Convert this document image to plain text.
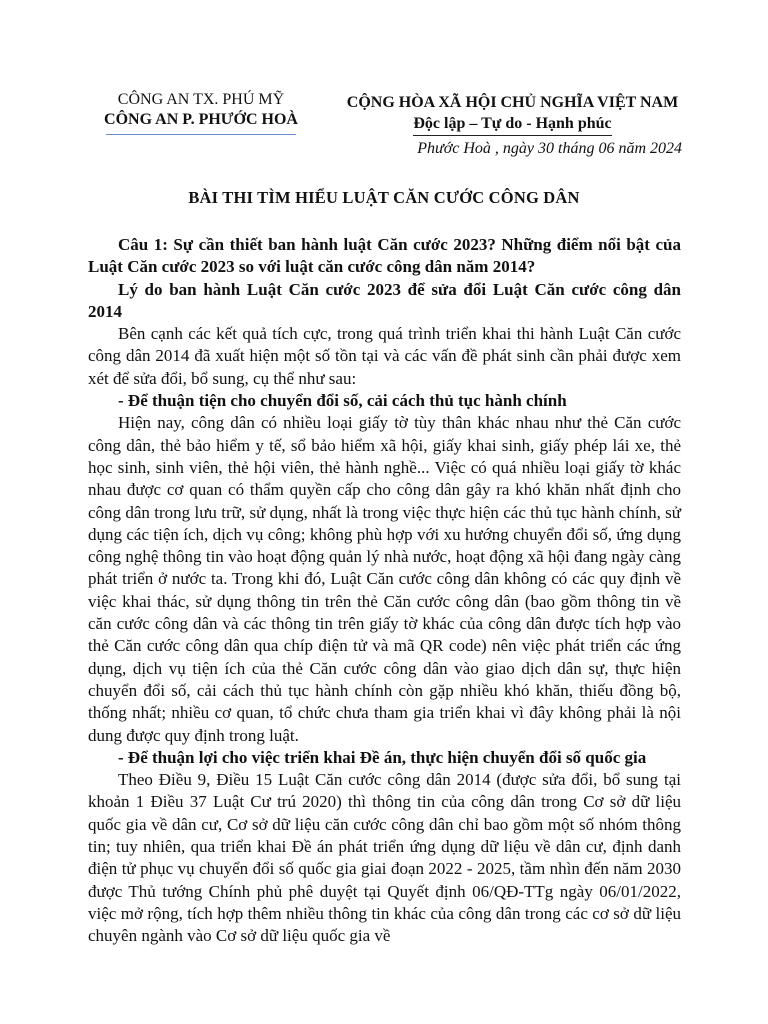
CÔNG AN TX. PHÚ MỸ
CÔNG AN P. PHƯỚC HOÀ
CỘNG HÒA XÃ HỘI CHỦ NGHĨA VIỆT NAM
Độc lập – Tự do - Hạnh phúc
Phước Hoà , ngày 30 tháng 06 năm 2024
BÀI THI TÌM HIỂU LUẬT CĂN CƯỚC CÔNG DÂN

Câu 1: Sự cần thiết ban hành luật Căn cước 2023? Những điểm nổi bật của Luật Căn cước 2023 so với luật căn cước công dân năm 2014?

Lý do ban hành Luật Căn cước 2023 để sửa đổi Luật Căn cước công dân 2014

Bên cạnh các kết quả tích cực, trong quá trình triển khai thi hành Luật Căn cước công dân 2014 đã xuất hiện một số tồn tại và các vấn đề phát sinh cần phải được xem xét để sửa đổi, bổ sung, cụ thể như sau:

- Để thuận tiện cho chuyển đổi số, cải cách thủ tục hành chính

Hiện nay, công dân có nhiều loại giấy tờ tùy thân khác nhau như thẻ Căn cước công dân, thẻ bảo hiểm y tế, sổ bảo hiểm xã hội, giấy khai sinh, giấy phép lái xe, thẻ học sinh, sinh viên, thẻ hội viên, thẻ hành nghề... Việc có quá nhiều loại giấy tờ khác nhau được cơ quan có thẩm quyền cấp cho công dân gây ra khó khăn nhất định cho công dân trong lưu trữ, sử dụng, nhất là trong việc thực hiện các thủ tục hành chính, sử dụng các tiện ích, dịch vụ công; không phù hợp với xu hướng chuyển đổi số, ứng dụng công nghệ thông tin vào hoạt động quản lý nhà nước, hoạt động xã hội đang ngày càng phát triển ở nước ta. Trong khi đó, Luật Căn cước công dân không có các quy định về việc khai thác, sử dụng thông tin trên thẻ Căn cước công dân (bao gồm thông tin về căn cước công dân và các thông tin trên giấy tờ khác của công dân được tích hợp vào thẻ Căn cước công dân qua chíp điện tử và mã QR code) nên việc phát triển các ứng dụng, dịch vụ tiện ích của thẻ Căn cước công dân vào giao dịch dân sự, thực hiện chuyển đổi số, cải cách thủ tục hành chính còn gặp nhiều khó khăn, thiếu đồng bộ, thống nhất; nhiều cơ quan, tổ chức chưa tham gia triển khai vì đây không phải là nội dung được quy định trong luật.

- Để thuận lợi cho việc triển khai Đề án, thực hiện chuyển đổi số quốc gia

Theo Điều 9, Điều 15 Luật Căn cước công dân 2014 (được sửa đổi, bổ sung tại khoản 1 Điều 37 Luật Cư trú 2020) thì thông tin của công dân trong Cơ sở dữ liệu quốc gia về dân cư, Cơ sở dữ liệu căn cước công dân chỉ bao gồm một số nhóm thông tin; tuy nhiên, qua triển khai Đề án phát triển ứng dụng dữ liệu về dân cư, định danh điện tử phục vụ chuyển đổi số quốc gia giai đoạn 2022 - 2025, tầm nhìn đến năm 2030 được Thủ tướng Chính phủ phê duyệt tại Quyết định 06/QĐ-TTg ngày 06/01/2022, việc mở rộng, tích hợp thêm nhiều thông tin khác của công dân trong các cơ sở dữ liệu chuyên ngành vào Cơ sở dữ liệu quốc gia về
